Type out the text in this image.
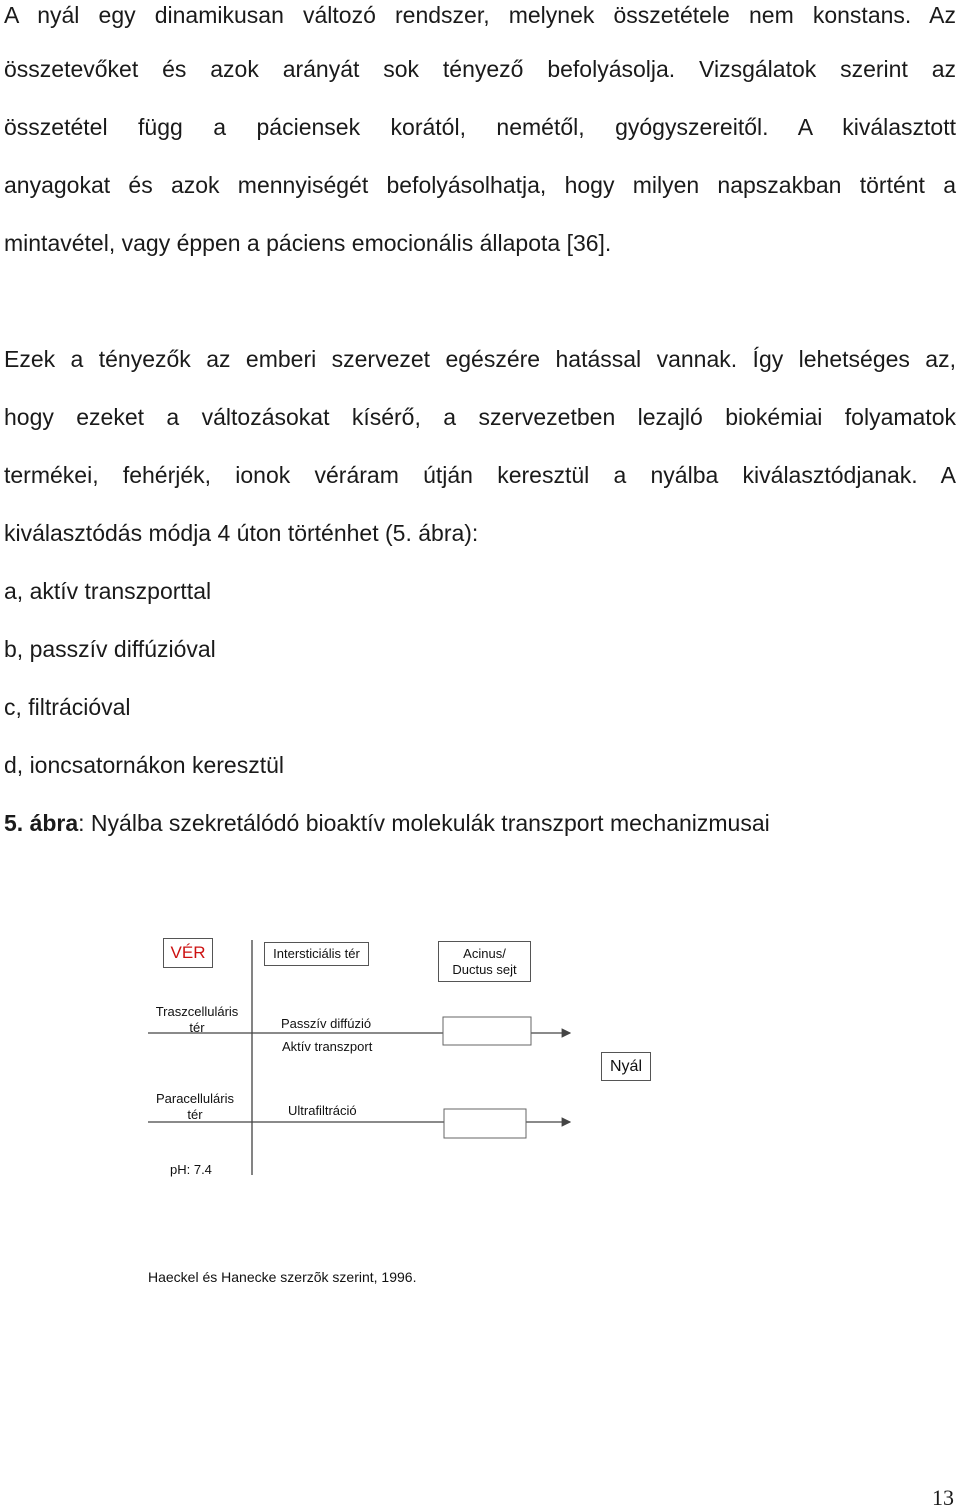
A nyál egy dinamikusan változó rendszer, melynek összetétele nem konstans. Az
összetevőket és azok arányát sok tényező befolyásolja. Vizsgálatok szerint az
összetétel függ a páciensek korától, nemétől, gyógyszereitől. A kiválasztott
anyagokat és azok mennyiségét befolyásolhatja, hogy milyen napszakban történt a
mintavétel, vagy éppen a páciens emocionális állapota [36].
Ezek a tényezők az emberi szervezet egészére hatással vannak. Így lehetséges az,
hogy ezeket a változásokat kísérő, a szervezetben lezajló biokémiai folyamatok
termékei, fehérjék, ionok véráram útján keresztül a nyálba kiválasztódjanak. A
kiválasztódás módja 4 úton történhet (5. ábra):
a, aktív transzporttal
b, passzív diffúzióval
c, filtrációval
d, ioncsatornákon keresztül
5. ábra: Nyálba szekretálódó bioaktív molekulák transzport mechanizmusai
VÉR	Intersticiális tér	Acinus/
Ductus sejt
Traszcelluláris
tér	Passzív diffúzió
Aktív transzport
Nyál
Paracelluláris
tér	Ultrafiltráció
pH: 7.4
Haeckel és Hanecke szerzõk szerint, 1996.
13
